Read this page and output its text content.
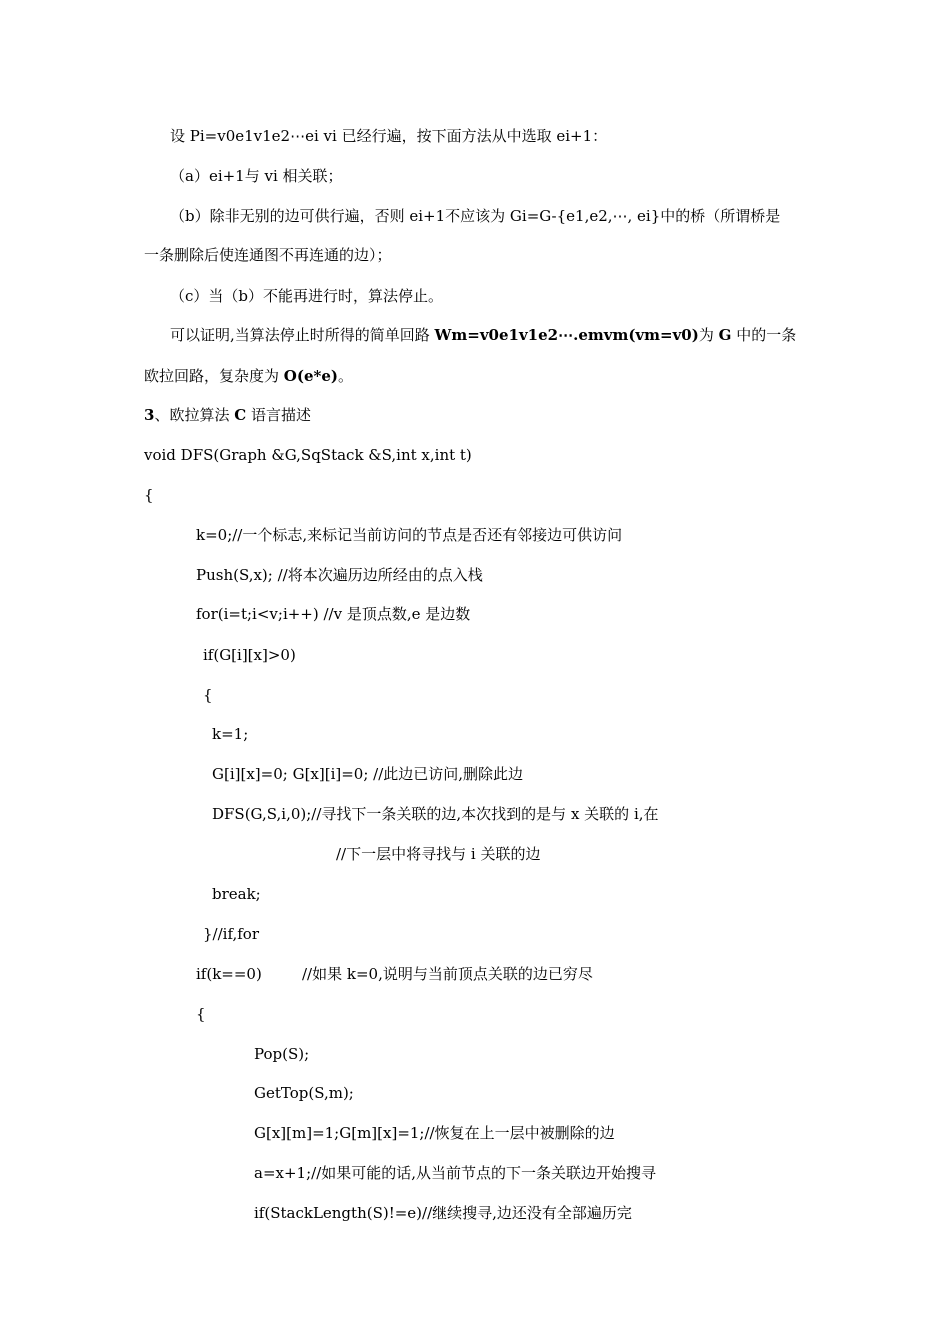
设 Pi=v0e1v1e2⋯ei vi 已经行遍，按下面方法从中选取 ei+1：
（a）ei+1与 vi 相关联；
（b）除非无别的边可供行遍，否则 ei+1不应该为 Gi=G-{e1,e2,⋯, ei}中的桥（所谓桥是
一条删除后使连通图不再连通的边）；
（c）当（b）不能再进行时，算法停止。
可以证明,当算法停止时所得的简单回路 Wm=v0e1v1e2⋯.emvm(vm=v0)为 G 中的一条
欧拉回路，复杂度为 O(e*e)。
3、欧拉算法 C 语言描述
void DFS(Graph &G,SqStack &S,int x,int t)
{
k=0;//一个标志,来标记当前访问的节点是否还有邻接边可供访问
Push(S,x); //将本次遍历边所经由的点入栈
for(i=t;i<v;i++) //v 是顶点数,e 是边数
if(G[i][x]>0)
{
k=1;
G[i][x]=0; G[x][i]=0; //此边已访问,删除此边
DFS(G,S,i,0);//寻找下一条关联的边,本次找到的是与 x 关联的 i,在
//下一层中将寻找与 i 关联的边
break;
}//if,for
if(k==0)	//如果 k=0,说明与当前顶点关联的边已穷尽
{
Pop(S);
GetTop(S,m);
G[x][m]=1;G[m][x]=1;//恢复在上一层中被删除的边
a=x+1;//如果可能的话,从当前节点的下一条关联边开始搜寻
if(StackLength(S)!=e)//继续搜寻,边还没有全部遍历完
